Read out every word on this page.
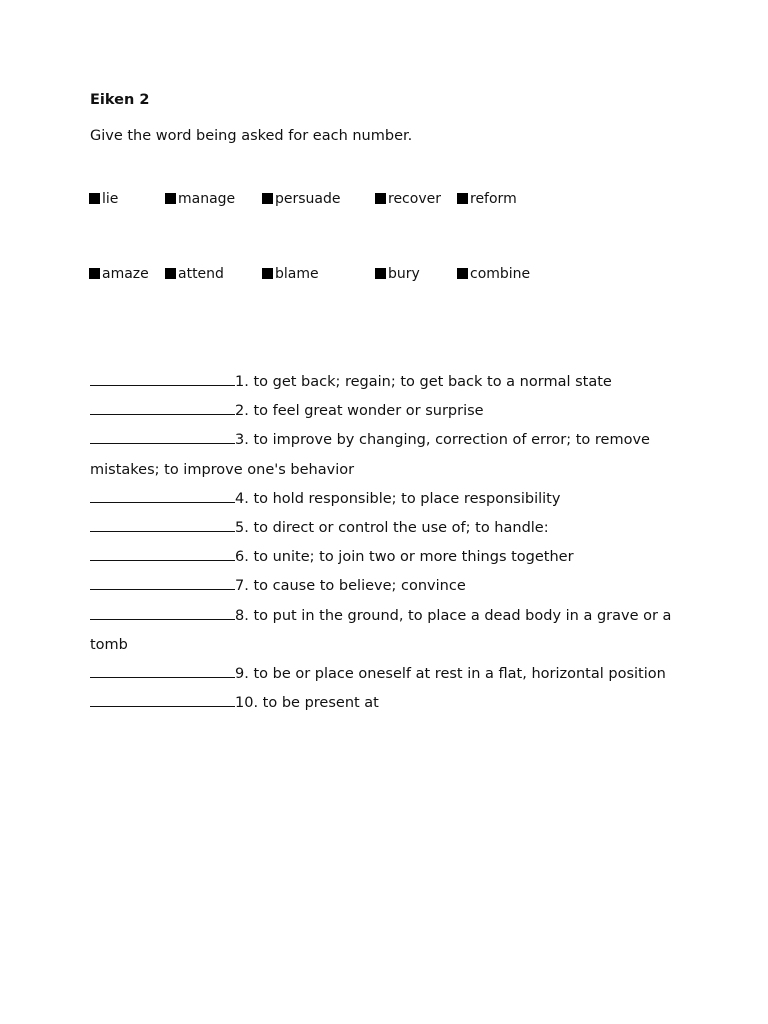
Eiken 2

Give the word being asked for each number.

lie	manage	persuade	recover	reform
amaze	attend	blame	bury	combine
1. to get back; regain; to get back to a normal state
2. to feel great wonder or surprise
3. to improve by changing, correction of error; to remove mistakes; to improve one's behavior
4. to hold responsible; to place responsibility
5. to direct or control the use of; to handle:
6. to unite; to join two or more things together
7. to cause to believe; convince
8. to put in the ground, to place a dead body in a grave or a tomb
9. to be or place oneself at rest in a flat, horizontal position
10. to be present at
